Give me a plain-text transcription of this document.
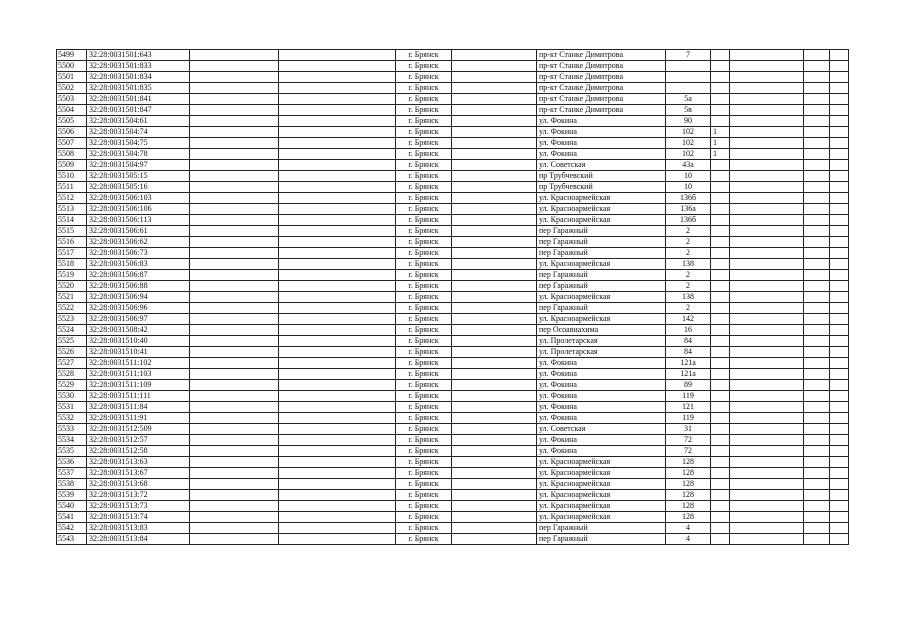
5499	32:28:0031501:643			г. Брянск		пр-кт Станке Димитрова	7				
5500	32:28:0031501:833			г. Брянск		пр-кт Станке Димитрова					
5501	32:28:0031501:834			г. Брянск		пр-кт Станке Димитрова					
5502	32:28:0031501:835			г. Брянск		пр-кт Станке Димитрова					
5503	32:28:0031501:841			г. Брянск		пр-кт Станке Димитрова	5а				
5504	32:28:0031501:847			г. Брянск		пр-кт Станке Димитрова	5в				
5505	32:28:0031504:61			г. Брянск		ул. Фокина	90				
5506	32:28:0031504:74			г. Брянск		ул. Фокина	102	1			
5507	32:28:0031504:75			г. Брянск		ул. Фокина	102	1			
5508	32:28:0031504:78			г. Брянск		ул. Фокина	102	1			
5509	32:28:0031504:97			г. Брянск		ул. Советская	43а				
5510	32:28:0031505:15			г. Брянск		пр Трубчевский	10				
5511	32:28:0031505:16			г. Брянск		пр Трубчевский	10				
5512	32:28:0031506:103			г. Брянск		ул. Красноармейская	136б				
5513	32:28:0031506:106			г. Брянск		ул. Красноармейская	136а				
5514	32:28:0031506:113			г. Брянск		ул. Красноармейская	136б				
5515	32:28:0031506:61			г. Брянск		пер Гаражный	2				
5516	32:28:0031506:62			г. Брянск		пер Гаражный	2				
5517	32:28:0031506:73			г. Брянск		пер Гаражный	2				
5518	32:28:0031506:83			г. Брянск		ул. Красноармейская	138				
5519	32:28:0031506:87			г. Брянск		пер Гаражный	2				
5520	32:28:0031506:88			г. Брянск		пер Гаражный	2				
5521	32:28:0031506:94			г. Брянск		ул. Красноармейская	138				
5522	32:28:0031506:96			г. Брянск		пер Гаражный	2				
5523	32:28:0031506:97			г. Брянск		ул. Красноармейская	142				
5524	32:28:0031508:42			г. Брянск		пер Осоавиахима	16				
5525	32:28:0031510:40			г. Брянск		ул. Пролетарская	84				
5526	32:28:0031510:41			г. Брянск		ул. Пролетарская	84				
5527	32:28:0031511:102			г. Брянск		ул. Фокина	121а				
5528	32:28:0031511:103			г. Брянск		ул. Фокина	121а				
5529	32:28:0031511:109			г. Брянск		ул. Фокина	89				
5530	32:28:0031511:111			г. Брянск		ул. Фокина	119				
5531	32:28:0031511:84			г. Брянск		ул. Фокина	121				
5532	32:28:0031511:91			г. Брянск		ул. Фокина	119				
5533	32:28:0031512:509			г. Брянск		ул. Советская	31				
5534	32:28:0031512:57			г. Брянск		ул. Фокина	72				
5535	32:28:0031512:58			г. Брянск		ул. Фокина	72				
5536	32:28:0031513:63			г. Брянск		ул. Красноармейская	128				
5537	32:28:0031513:67			г. Брянск		ул. Красноармейская	128				
5538	32:28:0031513:68			г. Брянск		ул. Красноармейская	128				
5539	32:28:0031513:72			г. Брянск		ул. Красноармейская	128				
5540	32:28:0031513:73			г. Брянск		ул. Красноармейская	128				
5541	32:28:0031513:74			г. Брянск		ул. Красноармейская	128				
5542	32:28:0031513:83			г. Брянск		пер Гаражный	4				
5543	32:28:0031513:84			г. Брянск		пер Гаражный	4				
